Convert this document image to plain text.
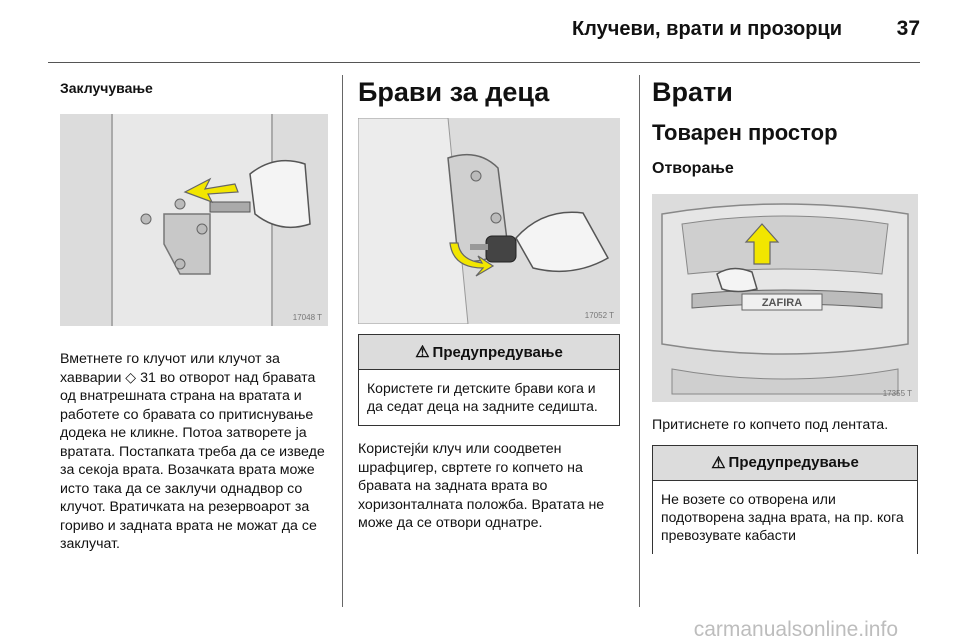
Клучеви, врати и прозорци	37
Заклучување
17048 T

Вметнете го клучот или клучот за хавварии ◇ 31 во отворот над бравата од внатрешната страна на вратата и работете со бравата со притиснување додека не кликне. Потоа затворете ја вратата. Постапката треба да се изведе за секоја врата. Возачката врата може исто така да се заклучи однадвор со клучот. Вратичката на резервоарот за гориво и задната врата не можат да се заклучат.

Брави за деца
17052 T
⚠ Предупредување
Користете ги детските брави кога и да седат деца на задните седишта.

Користејќи клуч или соодветен шрафцигер, свртете го копчето на бравата на задната врата во хоризонталната положба. Вратата не може да се отвори однатре.

Врати
Товарен простор
Отворање
ZAFIRA
17355 T

Притиснете го копчето под лентата.

⚠ Предупредување
Не возете со отворена или подотворена задна врата, на пр. кога превозувате кабасти
carmanualsonline.info
